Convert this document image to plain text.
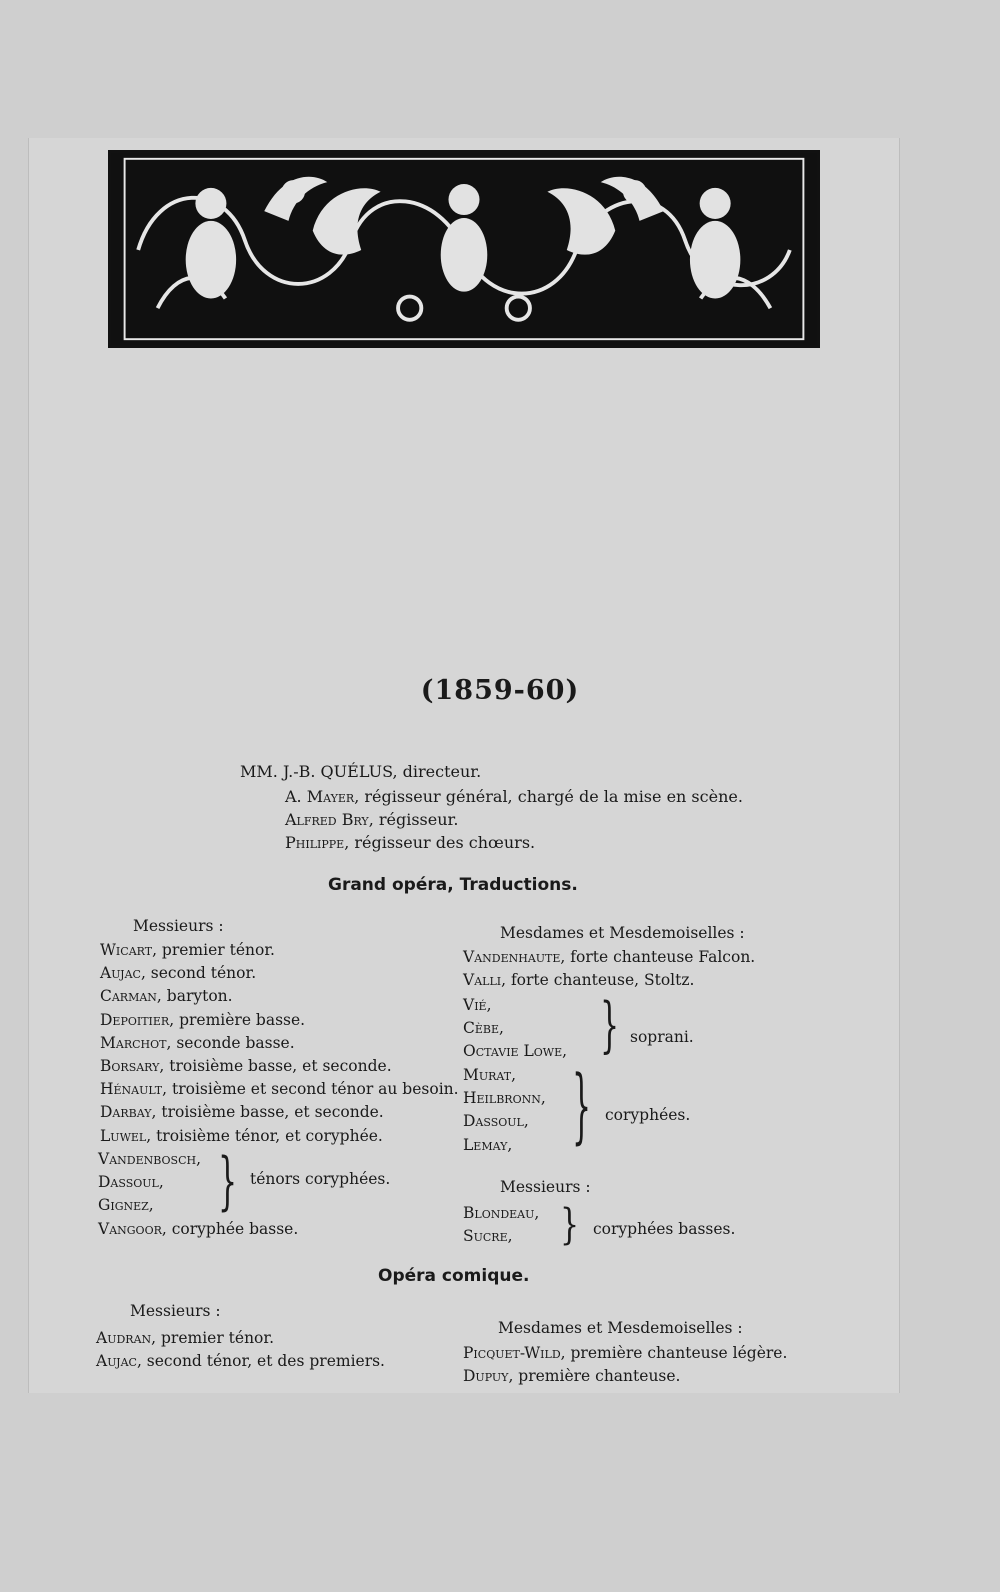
(1859-60)
MM. J.-B. QUÉLUS, directeur.
A. Mayer, régisseur général, chargé de la mise en scène.
Alfred Bry, régisseur.
Philippe, régisseur des chœurs.
Grand opéra, Traductions.
Messieurs :
Wicart, premier ténor.
Aujac, second ténor.
Carman, baryton.
Depoitier, première basse.
Marchot, seconde basse.
Borsary, troisième basse, et seconde.
Hénault, troisième et second ténor au besoin.
Darbay, troisième basse, et seconde.
Luwel, troisième ténor, et coryphée.
Vandenbosch,
Dassoul,
Gignez,	} ténors coryphées.
Vangoor, coryphée basse.
Mesdames et Mesdemoiselles :
Vandenhaute, forte chanteuse Falcon.
Valli, forte chanteuse, Stoltz.
Vié,
Cèbe,
Octavie Lowe, } soprani.
Murat,
Heilbronn,
Dassoul,
Lemay,	} coryphées.
Messieurs :
Blondeau,
Sucre,	} coryphées basses.
Opéra comique.
Messieurs :
Audran, premier ténor.
Aujac, second ténor, et des premiers.
Mesdames et Mesdemoiselles :
Picquet-Wild, première chanteuse légère.
Dupuy, première chanteuse.
